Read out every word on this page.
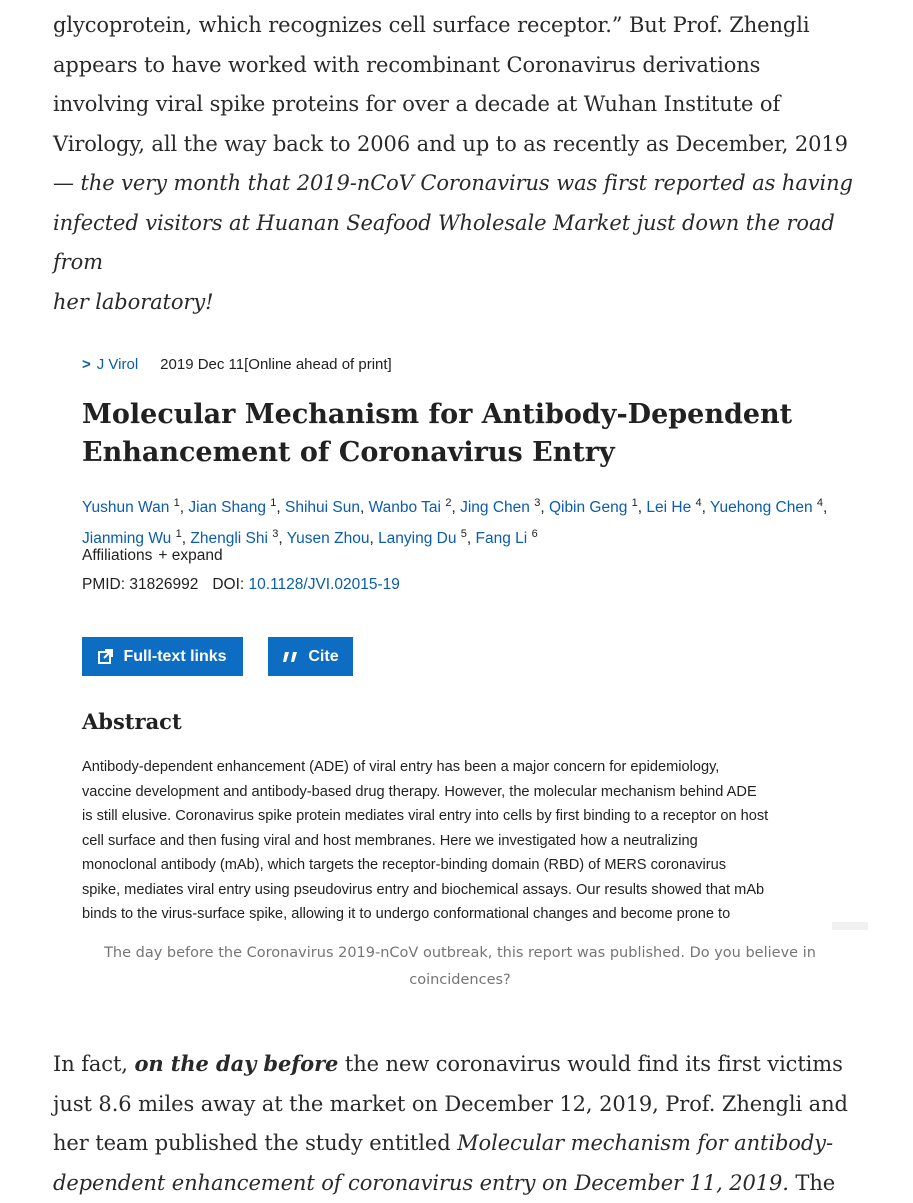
glycoprotein, which recognizes cell surface receptor.” But Prof. Zhengli
appears to have worked with recombinant Coronavirus derivations
involving viral spike proteins for over a decade at Wuhan Institute of
Virology, all the way back to 2006 and up to as recently as December, 2019
— the very month that 2019-nCoV Coronavirus was first reported as having
infected visitors at Huanan Seafood Wholesale Market just down the road from
her laboratory!
> J Virol 2019 Dec 11[Online ahead of print]
Molecular Mechanism for Antibody-Dependent
Enhancement of Coronavirus Entry
Yushun Wan $^1$, Jian Shang $^1$, Shihui Sun, Wanbo Tai $^2$, Jing Chen $^3$, Qibin Geng $^1$, Lei He $^4$, Yuehong Chen $^4$, Jianming Wu $^1$, Zhengli Shi $^3$, Yusen Zhou, Lanying Du $^5$, Fang Li $^6$
Affiliations + expand
PMID: 31826992 DOI: 10.1128/JVI.02015-19
Full-text links	Cite
Abstract
Antibody-dependent enhancement (ADE) of viral entry has been a major concern for epidemiology,
vaccine development and antibody-based drug therapy. However, the molecular mechanism behind ADE
is still elusive. Coronavirus spike protein mediates viral entry into cells by first binding to a receptor on host
cell surface and then fusing viral and host membranes. Here we investigated how a neutralizing
monoclonal antibody (mAb), which targets the receptor-binding domain (RBD) of MERS coronavirus
spike, mediates viral entry using pseudovirus entry and biochemical assays. Our results showed that mAb
binds to the virus-surface spike, allowing it to undergo conformational changes and become prone to
The day before the Coronavirus 2019-nCoV outbreak, this report was published. Do you believe in
coincidences?
In fact, on the day before the new coronavirus would find its first victims
just 8.6 miles away at the market on December 12, 2019, Prof. Zhengli and
her team published the study entitled Molecular mechanism for antibody-
dependent enhancement of coronavirus entry on December 11, 2019. The
